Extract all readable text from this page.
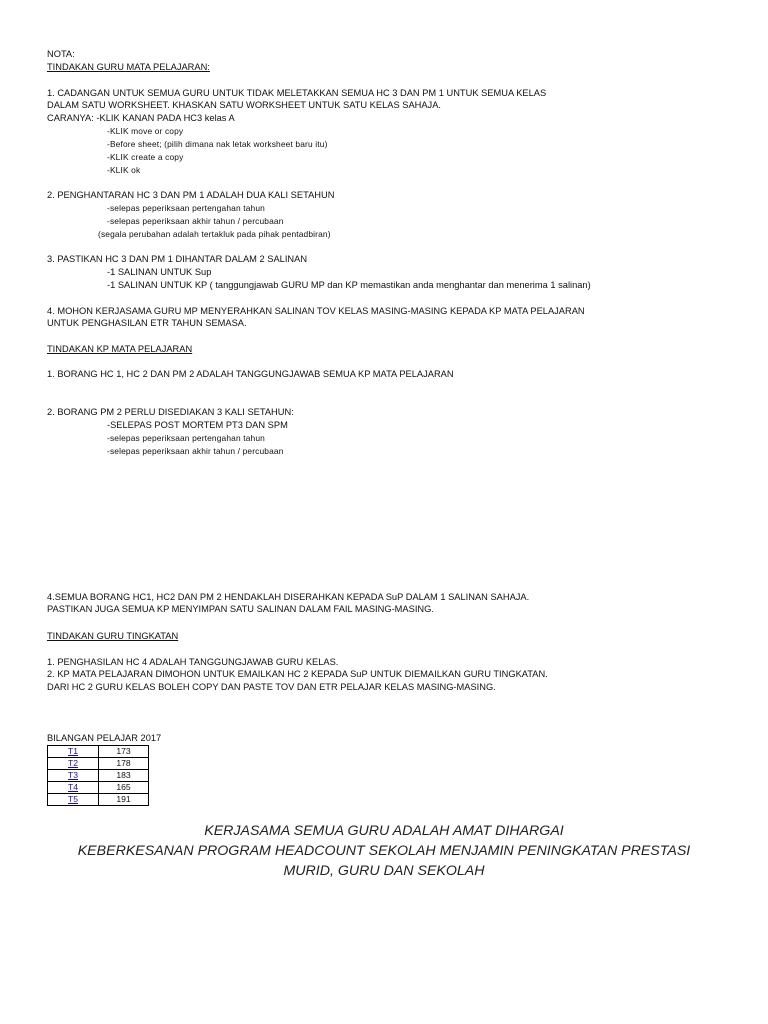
NOTA:

TINDAKAN GURU MATA PELAJARAN:

1. CADANGAN UNTUK SEMUA GURU UNTUK TIDAK MELETAKKAN SEMUA HC 3 DAN PM 1 UNTUK SEMUA KELAS

DALAM SATU WORKSHEET. KHASKAN SATU WORKSHEET UNTUK SATU KELAS SAHAJA.

CARANYA: -KLIK KANAN PADA HC3 kelas A

-KLIK move or copy

-Before sheet; (pilih dimana nak letak worksheet baru itu)

-KLIK create a copy

-KLIK ok

2. PENGHANTARAN HC 3 DAN PM 1 ADALAH DUA KALI SETAHUN

-selepas peperiksaan pertengahan tahun

-selepas peperiksaan akhir tahun / percubaan

(segala perubahan adalah tertakluk pada pihak pentadbiran)

3. PASTIKAN HC 3 DAN PM 1 DIHANTAR DALAM 2 SALINAN

-1 SALINAN UNTUK Sup

-1 SALINAN UNTUK KP ( tanggungjawab GURU MP dan KP memastikan anda menghantar dan menerima 1 salinan)

4. MOHON KERJASAMA GURU MP MENYERAHKAN SALINAN TOV KELAS MASING-MASING KEPADA KP MATA PELAJARAN

UNTUK PENGHASILAN ETR TAHUN SEMASA.

TINDAKAN KP MATA PELAJARAN

1. BORANG HC 1, HC 2 DAN PM 2 ADALAH TANGGUNGJAWAB SEMUA KP MATA PELAJARAN

2. BORANG PM 2 PERLU DISEDIAKAN 3 KALI SETAHUN:

-SELEPAS POST MORTEM PT3 DAN SPM

-selepas peperiksaan pertengahan tahun

-selepas peperiksaan akhir tahun / percubaan

4.SEMUA BORANG HC1, HC2 DAN PM 2 HENDAKLAH DISERAHKAN KEPADA SuP DALAM 1 SALINAN SAHAJA.

PASTIKAN JUGA SEMUA KP MENYIMPAN SATU SALINAN DALAM FAIL MASING-MASING.

TINDAKAN GURU TINGKATAN

1. PENGHASILAN HC 4 ADALAH TANGGUNGJAWAB GURU KELAS.

2. KP MATA PELAJARAN DIMOHON UNTUK EMAILKAN HC 2 KEPADA SuP UNTUK DIEMAILKAN GURU TINGKATAN.

DARI HC 2 GURU KELAS BOLEH COPY DAN PASTE TOV DAN ETR PELAJAR KELAS MASING-MASING.

BILANGAN PELAJAR 2017

T1	173
T2	178
T3	183
T4	165
T5	191

KERJASAMA SEMUA GURU ADALAH AMAT DIHARGAI

KEBERKESANAN PROGRAM HEADCOUNT SEKOLAH MENJAMIN PENINGKATAN PRESTASI

MURID, GURU DAN SEKOLAH
